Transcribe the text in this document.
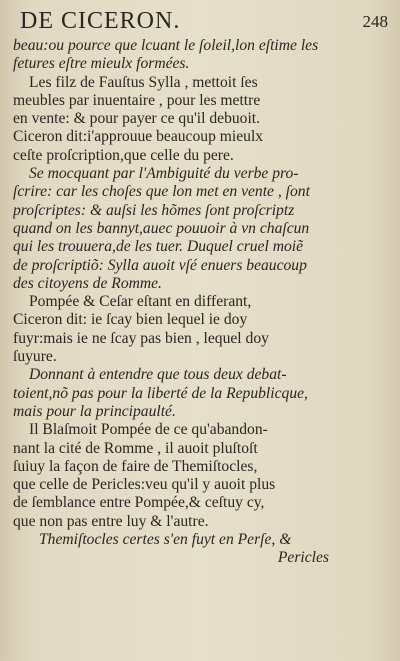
DE CICERON.	248
beau:ou pource que lcuant le ſoleil,lon eſtime les
fetures eſtre mieulx formées.
Les filz de Fauſtus Sylla , mettoit ſes
meubles par inuentaire , pour les mettre
en vente: & pour payer ce qu'il debuoit.
Ciceron dit:i'approuue beaucoup mieulx
ceſte proſcription,que celle du pere.
Se mocquant par l'Ambiguité du verbe pro-
ſcrire: car les choſes que lon met en vente , ſont
proſcriptes: & auſsi les hõmes ſont proſcriptz
quand on les bannyt,auec pouuoir à vn chaſcun
qui les trouuera,de les tuer. Duquel cruel moiẽ
de proſcriptiõ: Sylla auoit vſé enuers beaucoup
des citoyens de Romme.
Pompée & Ceſar eſtant en differant,
Ciceron dit: ie ſcay bien lequel ie doy
fuyr:mais ie ne ſcay pas bien , lequel doy
ſuyure.
Donnant à entendre que tous deux debat-
toient,nõ pas pour la liberté de la Republicque,
mais pour la principaulté.
Il Blaſmoit Pompée de ce qu'abandon-
nant la cité de Romme , il auoit pluſtoſt
ſuiuy la façon de faire de Themiſtocles,
que celle de Pericles:veu qu'il y auoit plus
de ſemblance entre Pompée,& ceſtuy cy,
que non pas entre luy & l'autre.
Themiſtocles certes s'en fuyt en Perſe, &
Pericles
